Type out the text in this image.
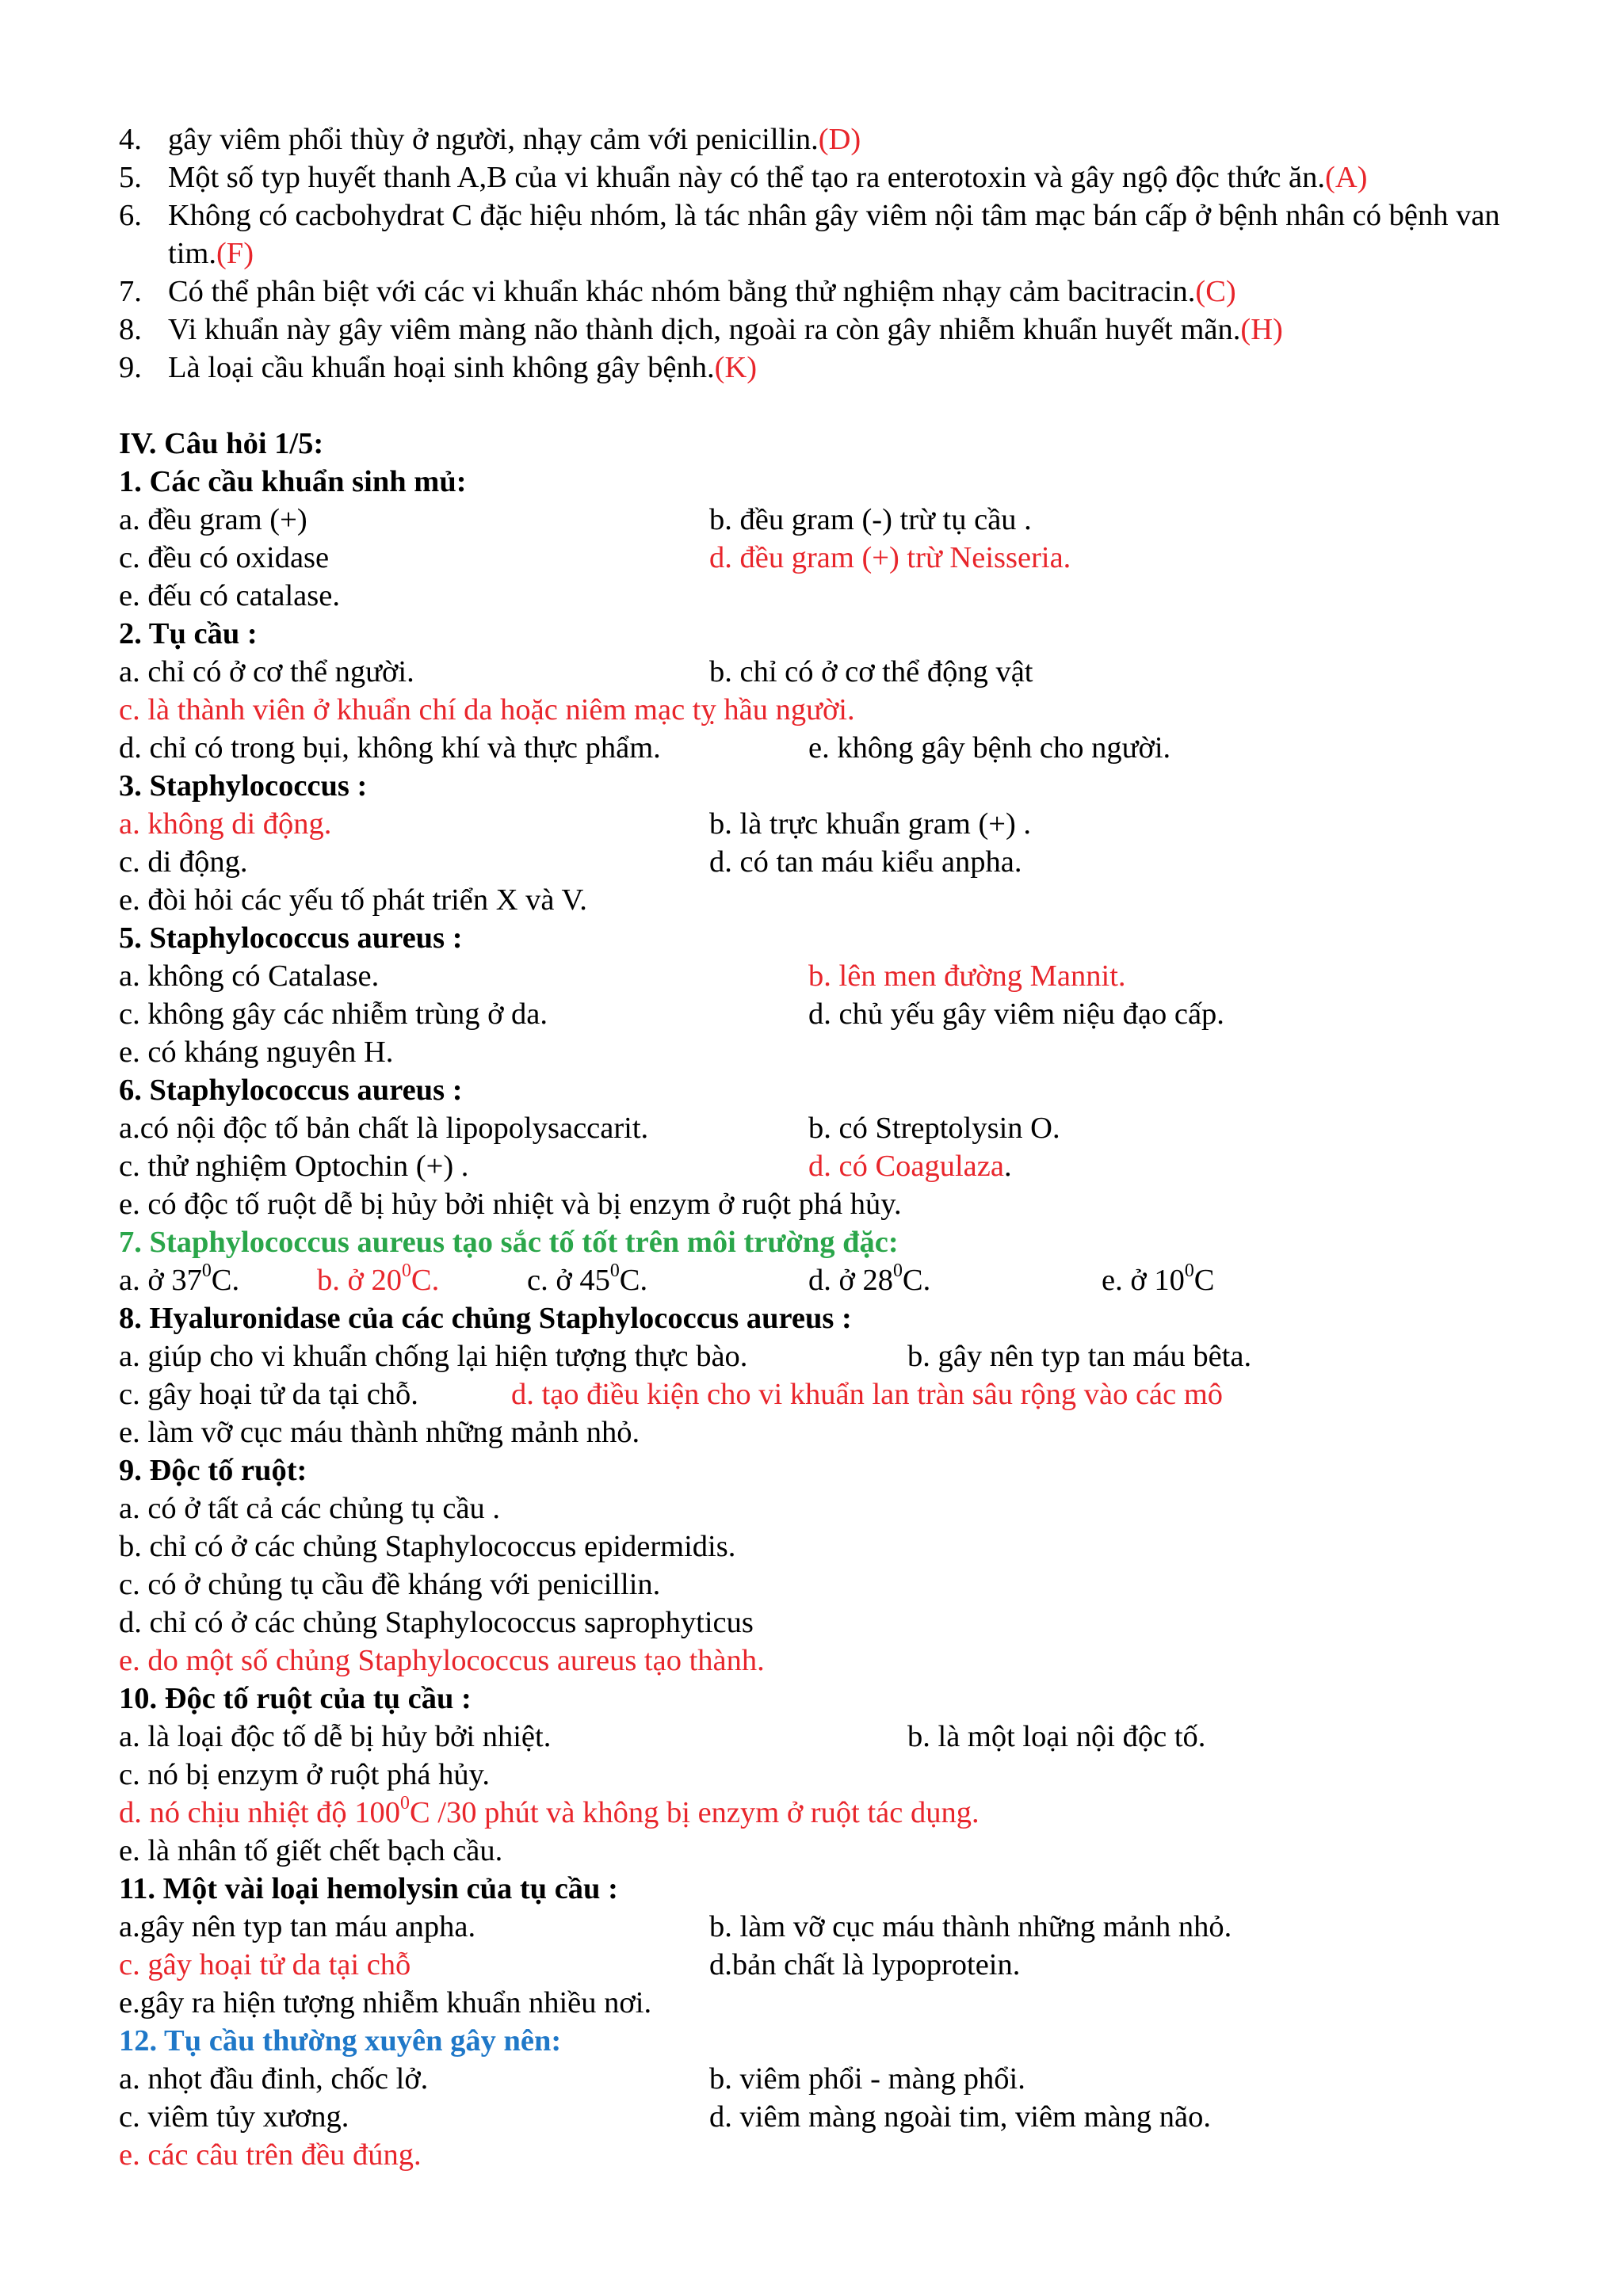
4. gây viêm phổi thùy ở người, nhạy cảm với penicillin.(D)
5. Một số typ huyết thanh A,B của vi khuẩn này có thể tạo ra enterotoxin và gây ngộ độc thức ăn.(A)
6. Không có cacbohydrat C đặc hiệu nhóm, là tác nhân gây viêm nội tâm mạc bán cấp ở bệnh nhân có bệnh van tim.(F)
7. Có thể phân biệt với các vi khuẩn khác nhóm bằng thử nghiệm nhạy cảm bacitracin.(C)
8. Vi khuẩn này gây viêm màng não thành dịch, ngoài ra còn gây nhiễm khuẩn huyết mãn.(H)
9. Là loại cầu khuẩn hoại sinh không gây bệnh.(K)
IV. Câu hỏi 1/5:
1. Các cầu khuẩn sinh mủ:
a. đều gram (+)	b. đều gram (-) trừ tụ cầu .
c. đều có oxidase	d. đều gram (+) trừ Neisseria.
e. đếu có catalase.
2. Tụ cầu :
a. chỉ có ở cơ thể người.	b. chỉ có ở cơ thể động vật
c. là thành viên ở khuẩn chí da hoặc niêm mạc tỵ hầu người.
d. chỉ có trong bụi, không khí và thực phẩm.	e. không gây bệnh cho người.
3. Staphylococcus :
a. không di động.	b. là trực khuẩn gram (+) .
c. di động.	d. có tan máu kiểu anpha.
e. đòi hỏi các yếu tố phát triển X và V.
5. Staphylococcus aureus :
a. không có Catalase.	b. lên men đường Mannit.
c. không gây các nhiễm trùng ở da.	d. chủ yếu gây viêm niệu đạo cấp.
e. có kháng nguyên H.
6. Staphylococcus aureus :
a.có nội độc tố bản chất là lipopolysaccarit.	b. có Streptolysin O.
c. thử nghiệm Optochin (+) .	d. có Coagulaza.
e. có độc tố ruột dễ bị hủy bởi nhiệt và bị enzym ở ruột phá hủy.
7. Staphylococcus aureus tạo sắc tố tốt trên môi trường đặc:
a. ở $37^0C$.	b. ở $20^0C$.	c. ở $45^0C$.	d. ở $28^0C$.	e. ở $10^0C$
8. Hyaluronidase của các chủng Staphylococcus aureus :
a. giúp cho vi khuẩn chống lại hiện tượng thực bào.	b. gây nên typ tan máu bêta.
c. gây hoại tử da tại chỗ.	d. tạo điều kiện cho vi khuẩn lan tràn sâu rộng vào các mô
e. làm vỡ cục máu thành những mảnh nhỏ.
9. Độc tố ruột:
a. có ở tất cả các chủng tụ cầu .
b. chỉ có ở các chủng Staphylococcus epidermidis.
c. có ở chủng tụ cầu đề kháng với penicillin.
d. chỉ có ở các chủng Staphylococcus saprophyticus
e. do một số chủng Staphylococcus aureus tạo thành.
10. Độc tố ruột của tụ cầu :
a. là loại độc tố dễ bị hủy bởi nhiệt.	b. là một loại nội độc tố.
c. nó bị enzym ở ruột phá hủy.
d. nó chịu nhiệt độ $100^0C$ /30 phút và không bị enzym ở ruột tác dụng.
e. là nhân tố giết chết bạch cầu.
11. Một vài loại hemolysin của tụ cầu :
a.gây nên typ tan máu anpha.	b. làm vỡ cục máu thành những mảnh nhỏ.
c. gây hoại tử da tại chỗ	d.bản chất là lypoprotein.
e.gây ra hiện tượng nhiễm khuẩn nhiều nơi.
12. Tụ cầu thường xuyên gây nên:
a. nhọt đầu đinh, chốc lở.	b. viêm phổi - màng phổi.
c. viêm tủy xương.	d. viêm màng ngoài tim, viêm màng não.
e. các câu trên đều đúng.
